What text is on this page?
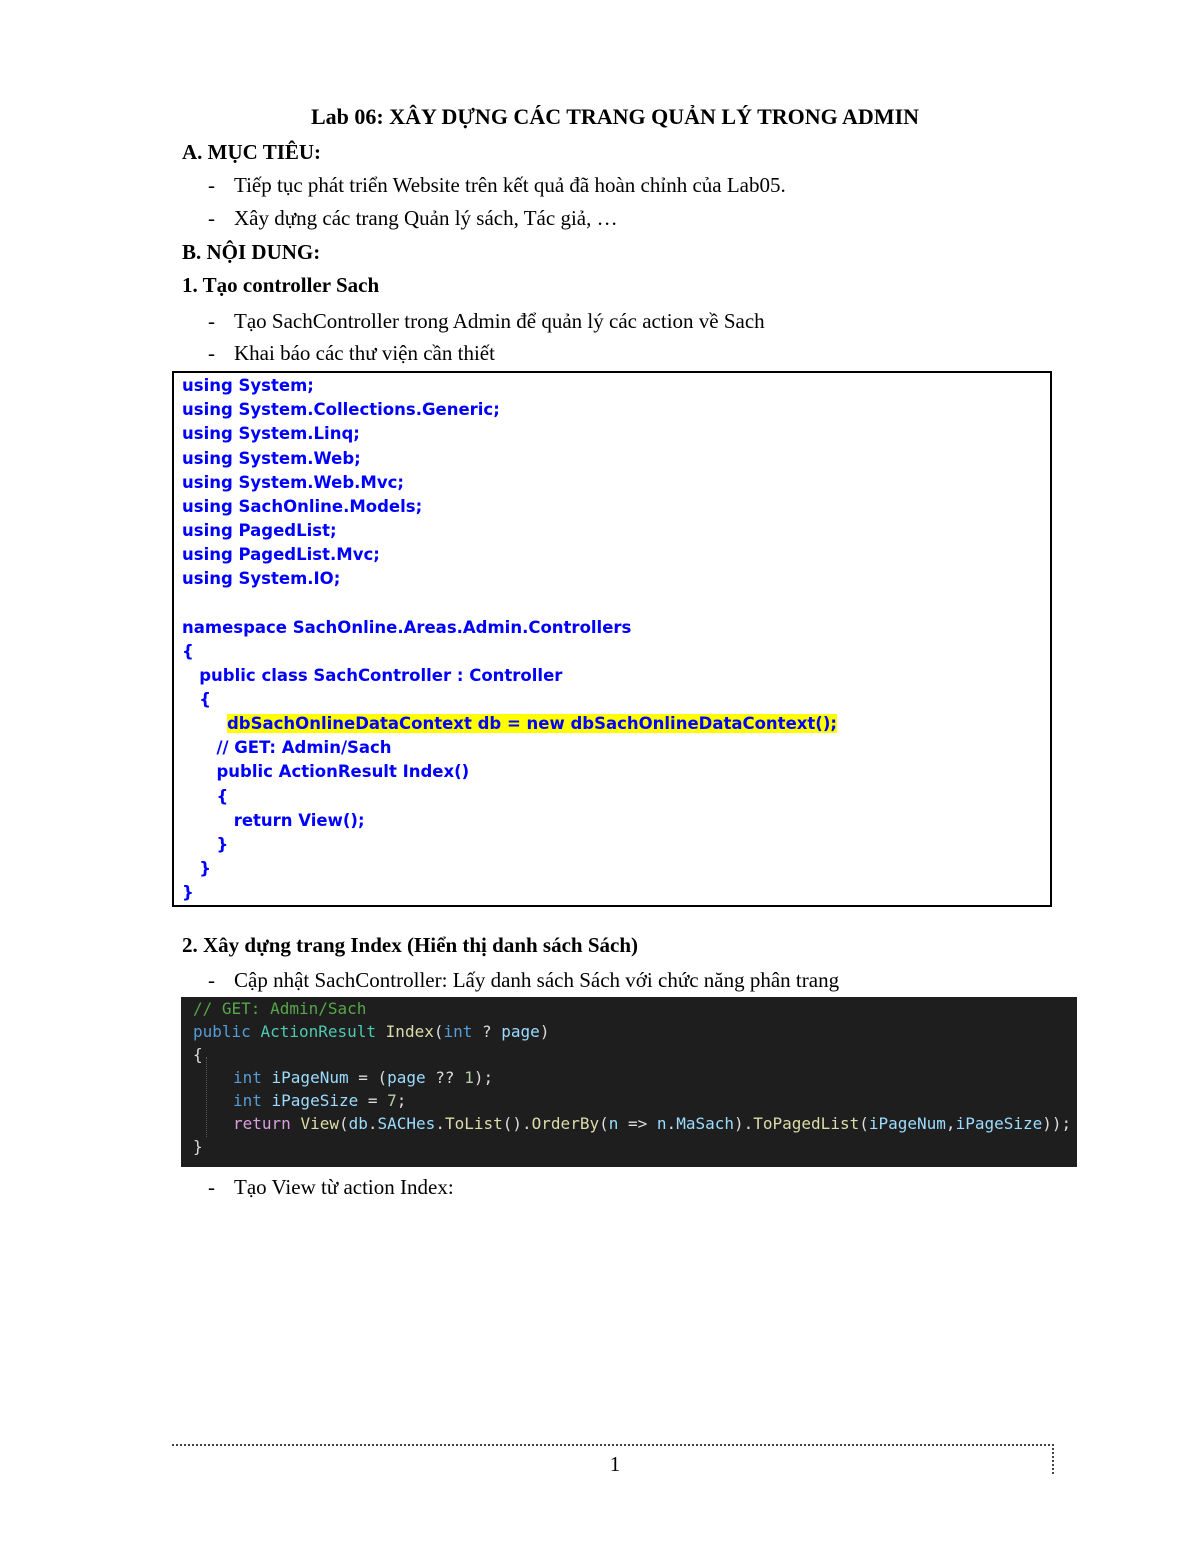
Lab 06: XÂY DỰNG CÁC TRANG QUẢN LÝ TRONG ADMIN
A. MỤC TIÊU:
- Tiếp tục phát triển Website trên kết quả đã hoàn chỉnh của Lab05.
- Xây dựng các trang Quản lý sách, Tác giả, …
B. NỘI DUNG:
1. Tạo controller Sach
- Tạo SachController trong Admin để quản lý các action về Sach
- Khai báo các thư viện cần thiết
using System;
using System.Collections.Generic;
using System.Linq;
using System.Web;
using System.Web.Mvc;
using SachOnline.Models;
using PagedList;
using PagedList.Mvc;
using System.IO;
namespace SachOnline.Areas.Admin.Controllers
{
public class SachController : Controller
{
dbSachOnlineDataContext db = new dbSachOnlineDataContext();
// GET: Admin/Sach
public ActionResult Index()
{
return View();
}
}
}
2. Xây dựng trang Index (Hiển thị danh sách Sách)
- Cập nhật SachController: Lấy danh sách Sách với chức năng phân trang
// GET: Admin/Sach
public ActionResult Index(int ? page)
{
int iPageNum = (page ?? 1);
int iPageSize = 7;
return View(db.SACHes.ToList().OrderBy(n => n.MaSach).ToPagedList(iPageNum,iPageSize));
}
- Tạo View từ action Index:
1
